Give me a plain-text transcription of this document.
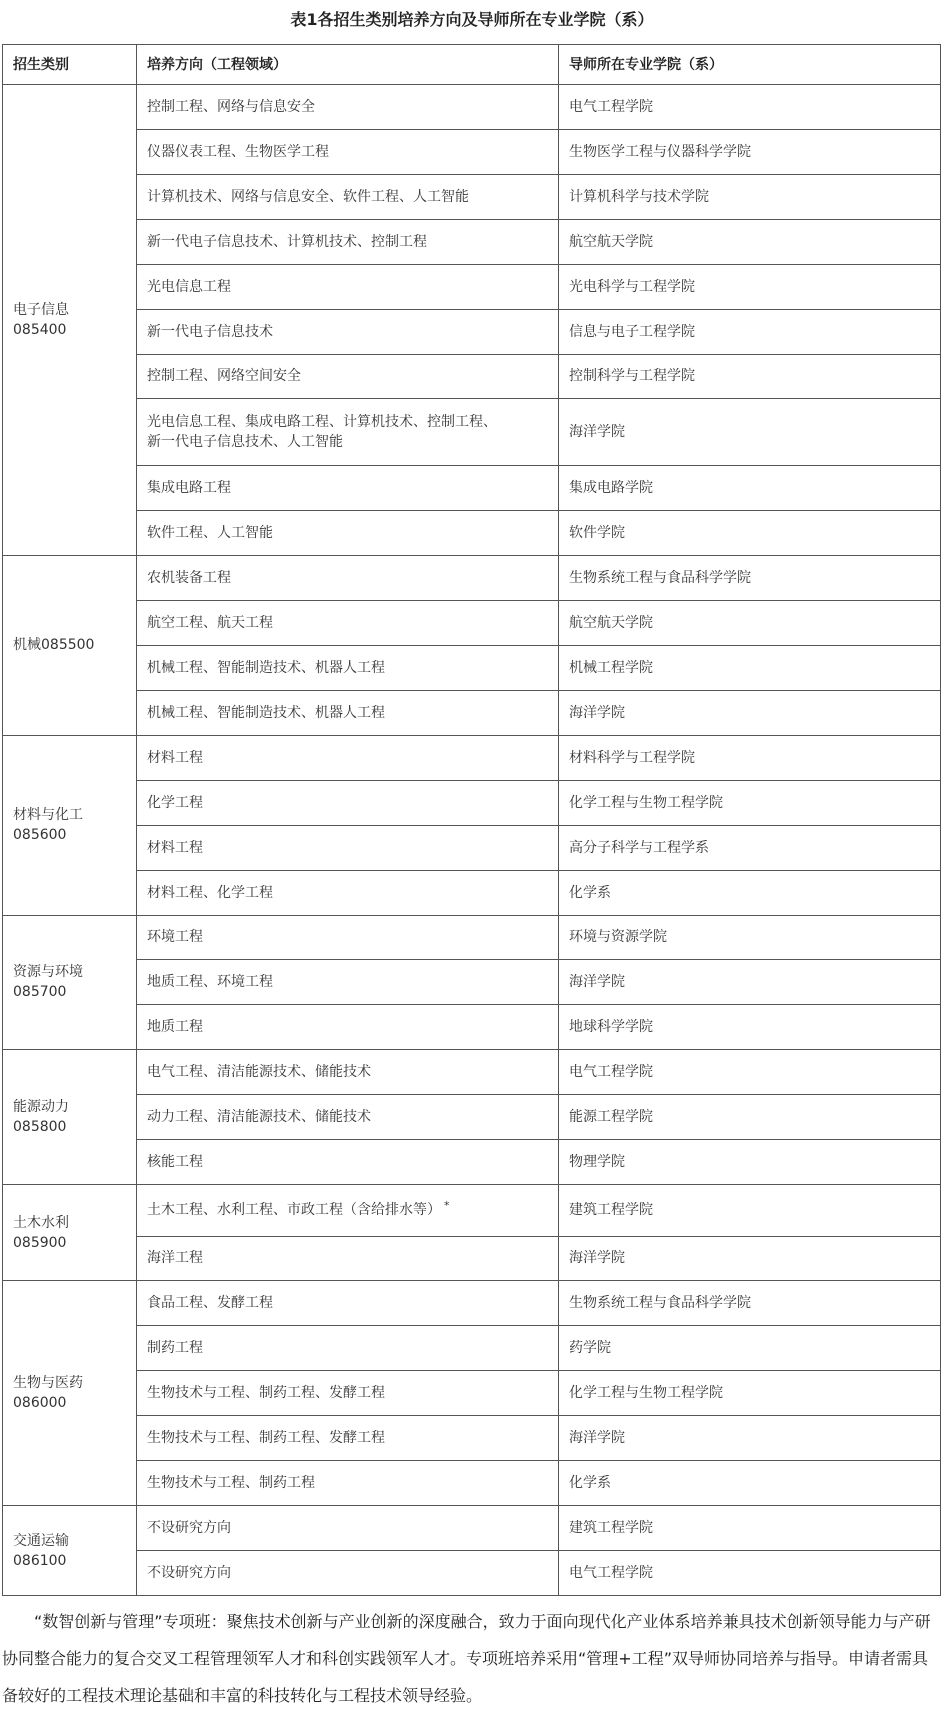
表1各招生类别培养方向及导师所在专业学院（系）
招生类别	培养方向（工程领域）	导师所在专业学院（系）
电子信息
085400	控制工程、网络与信息安全	电气工程学院
	仪器仪表工程、生物医学工程	生物医学工程与仪器科学学院
	计算机技术、网络与信息安全、软件工程、人工智能	计算机科学与技术学院
	新一代电子信息技术、计算机技术、控制工程	航空航天学院
	光电信息工程	光电科学与工程学院
	新一代电子信息技术	信息与电子工程学院
	控制工程、网络空间安全	控制科学与工程学院
	光电信息工程、集成电路工程、计算机技术、控制工程、
新一代电子信息技术、人工智能	海洋学院
	集成电路工程	集成电路学院
	软件工程、人工智能	软件学院
机械085500	农机装备工程	生物系统工程与食品科学学院
	航空工程、航天工程	航空航天学院
	机械工程、智能制造技术、机器人工程	机械工程学院
	机械工程、智能制造技术、机器人工程	海洋学院
材料与化工
085600	材料工程	材料科学与工程学院
	化学工程	化学工程与生物工程学院
	材料工程	高分子科学与工程学系
	材料工程、化学工程	化学系
资源与环境
085700	环境工程	环境与资源学院
	地质工程、环境工程	海洋学院
	地质工程	地球科学学院
能源动力
085800	电气工程、清洁能源技术、储能技术	电气工程学院
	动力工程、清洁能源技术、储能技术	能源工程学院
	核能工程	物理学院
土木水利
085900	土木工程、水利工程、市政工程（含给排水等） *	建筑工程学院
	海洋工程	海洋学院
生物与医药
086000	食品工程、发酵工程	生物系统工程与食品科学学院
	制药工程	药学院
	生物技术与工程、制药工程、发酵工程	化学工程与生物工程学院
	生物技术与工程、制药工程、发酵工程	海洋学院
	生物技术与工程、制药工程	化学系
交通运输
086100	不设研究方向	建筑工程学院
	不设研究方向	电气工程学院

“数智创新与管理”专项班：聚焦技术创新与产业创新的深度融合，致力于面向现代化产业体系培养兼具技术创新领导能力与产研协同整合能力的复合交叉工程管理领军人才和科创实践领军人才。专项班培养采用“管理+工程”双导师协同培养与指导。申请者需具备较好的工程技术理论基础和丰富的科技转化与工程技术领导经验。
